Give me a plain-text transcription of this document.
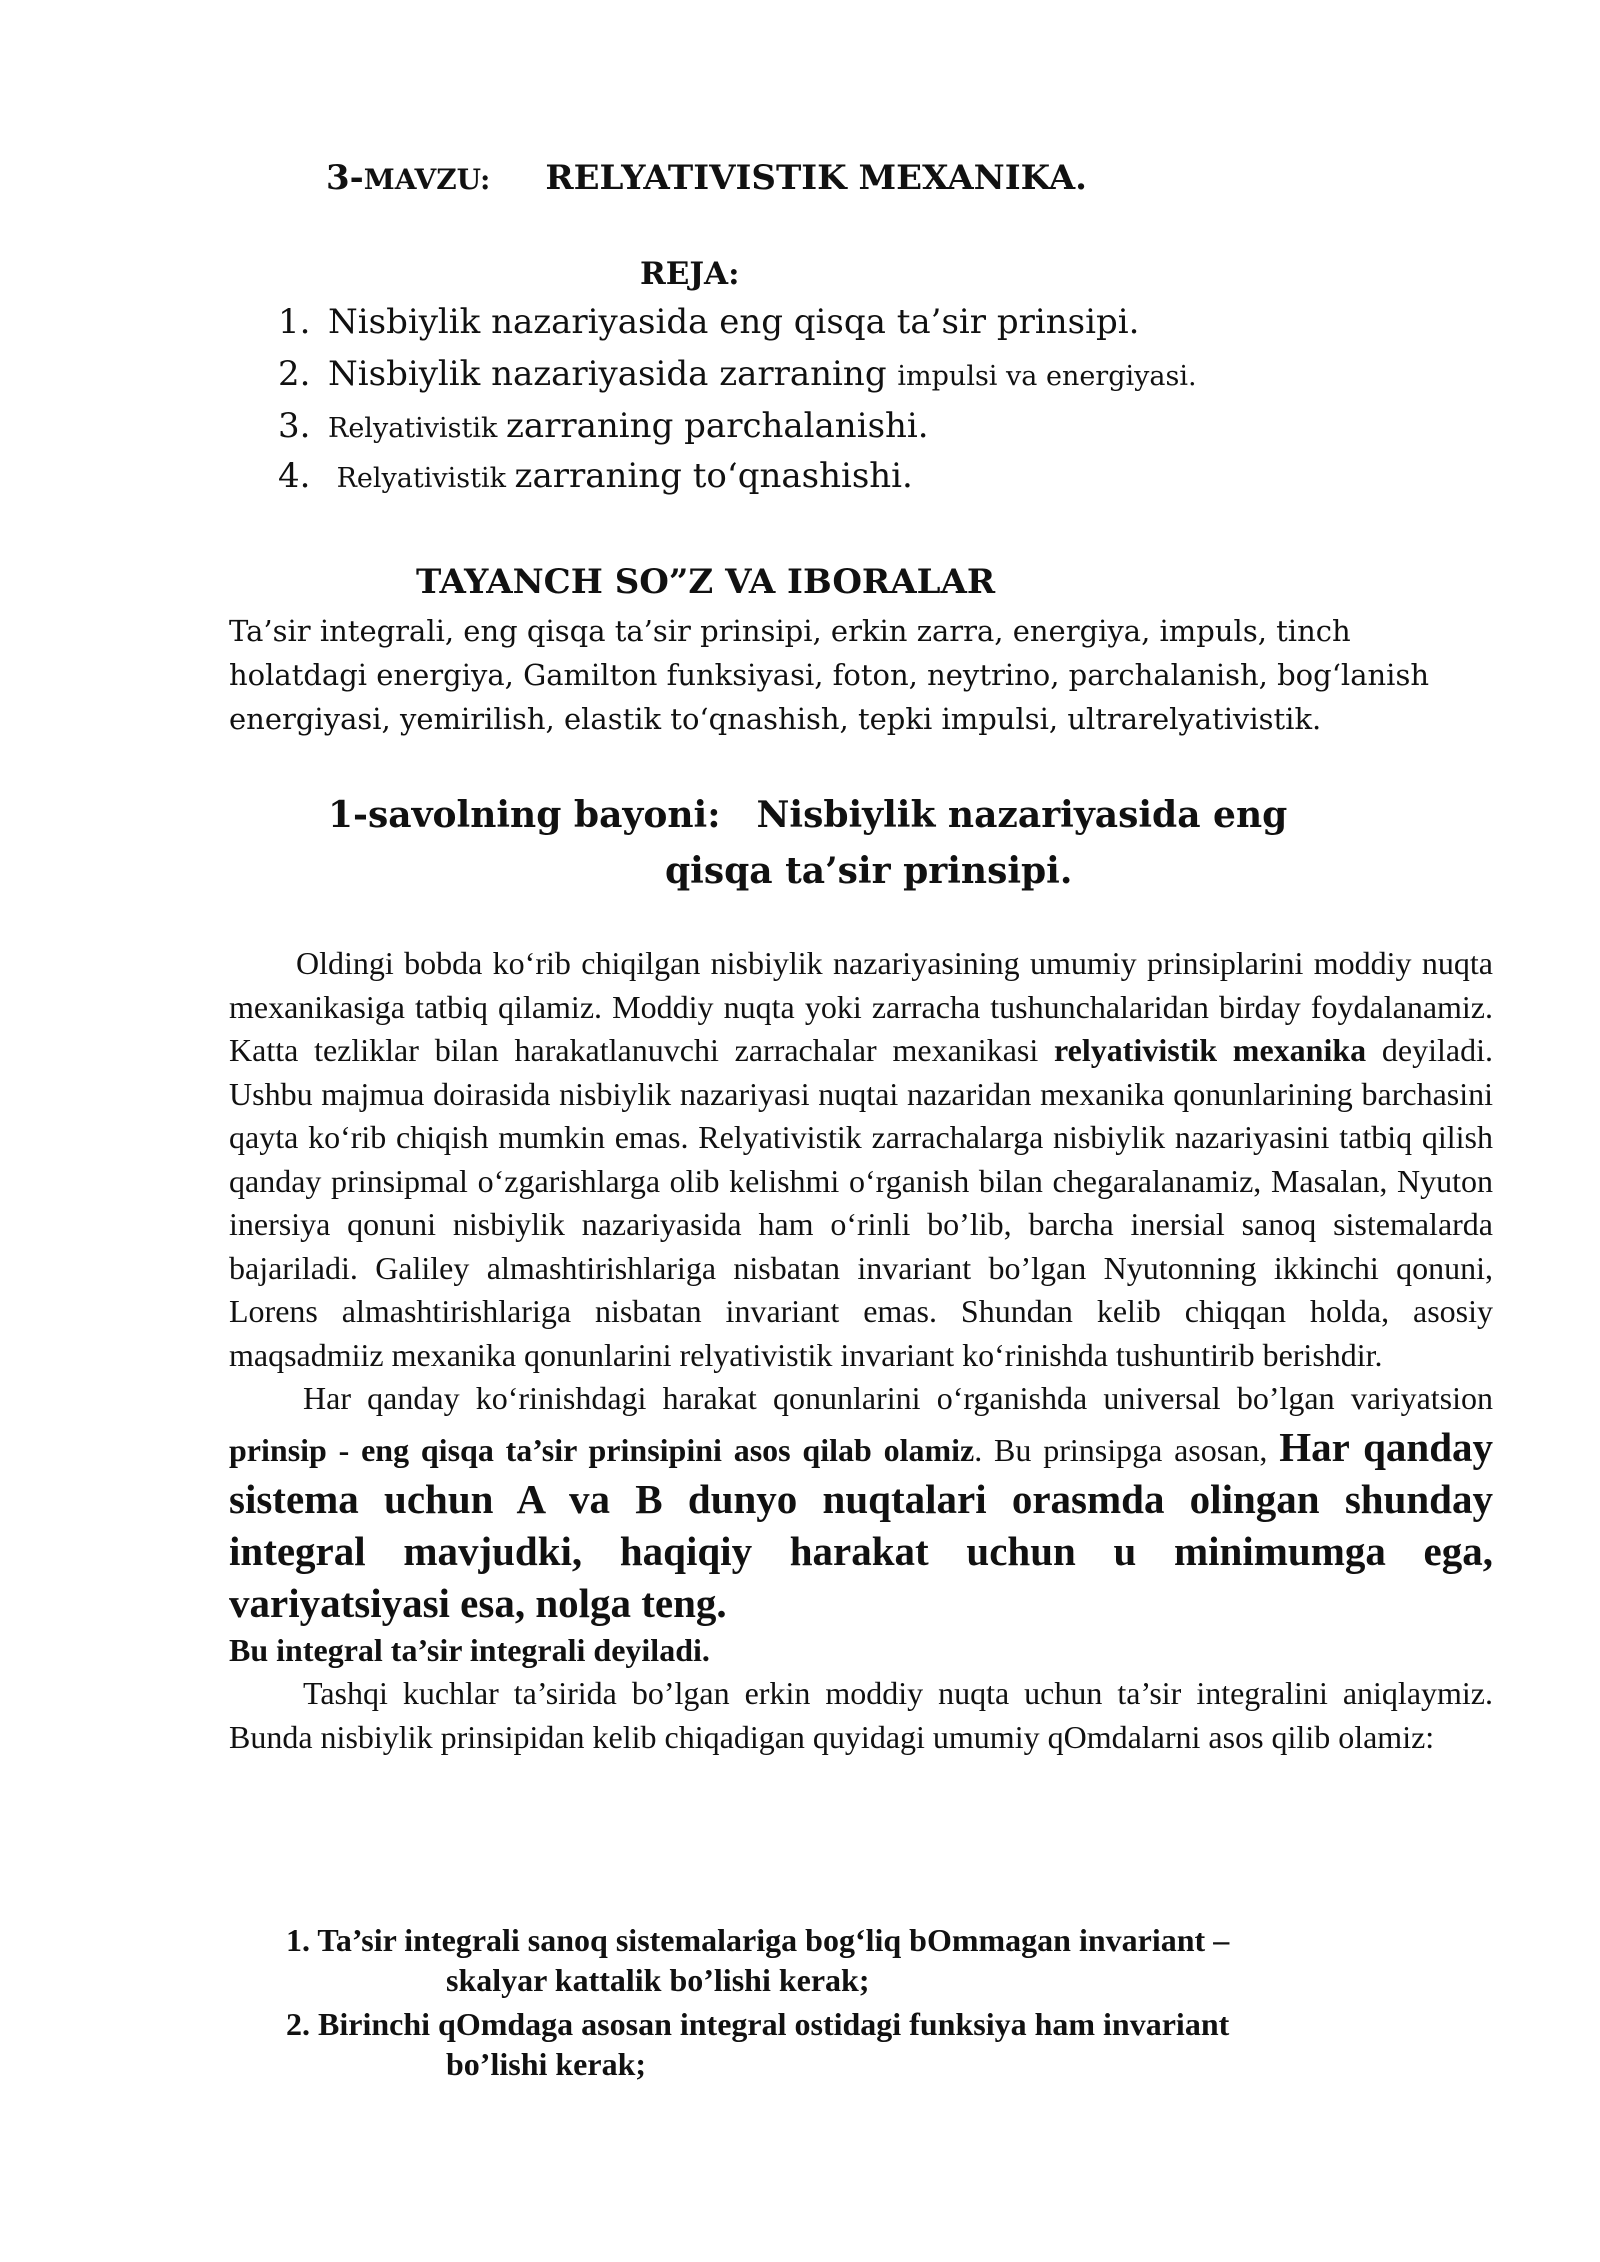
3-MAVZU: RELYATIVISTIK MEXANIKA.
REJA:
1. Nisbiylik nazariyasida eng qisqa ta’sir prinsipi.
2. Nisbiylik nazariyasida zarraning impulsi va energiyasi.
3. Relyativistik zarraning parchalanishi.
4. Relyativistik zarraning to‘qnashishi.
TAYANCH SO”Z VA IBORALAR
Ta’sir integrali, eng qisqa ta’sir prinsipi, erkin zarra, energiya, impuls, tinch
holatdagi energiya, Gamilton funksiyasi, foton, neytrino, parchalanish, bog‘lanish
energiyasi, yemirilish, elastik to‘qnashish, tepki impulsi, ultrarelyativistik.
1-savolning bayoni: Nisbiylik nazariyasida eng
qisqa ta’sir prinsipi.

Oldingi bobda ko‘rib chiqilgan nisbiylik nazariyasining umumiy prinsiplarini moddiy nuqta mexanikasiga tatbiq qilamiz. Moddiy nuqta yoki zarracha tushunchalaridan birday foydalanamiz. Katta tezliklar bilan harakatlanuvchi zarrachalar mexanikasi relyativistik mexanika deyiladi. Ushbu majmua doirasida nisbiylik nazariyasi nuqtai nazaridan mexanika qonunlarining barchasini qayta ko‘rib chiqish mumkin emas. Relyativistik zarrachalarga nisbiylik nazariyasini tatbiq qilish qanday prinsipmal o‘zgarishlarga olib kelishmi o‘rganish bilan chegaralanamiz, Masalan, Nyuton inersiya qonuni nisbiylik nazariyasida ham o‘rinli bo’lib, barcha inersial sanoq sistemalarda bajariladi. Galiley almashtirishlariga nisbatan invariant bo’lgan Nyutonning ikkinchi qonuni, Lorens almashtirishlariga nisbatan invariant emas. Shundan kelib chiqqan holda, asosiy maqsadmiiz mexanika qonunlarini relyativistik invariant ko‘rinishda tushuntirib berishdir.

Har qanday ko‘rinishdagi harakat qonunlarini o‘rganishda universal bo’lgan variyatsion prinsip - eng qisqa ta’sir prinsipini asos qilab olamiz. Bu prinsipga asosan, Har qanday sistema uchun A va B dunyo nuqtalari orasmda olingan shunday integral mavjudki, haqiqiy harakat uchun u minimumga ega, variyatsiyasi esa, nolga teng.

Bu integral ta’sir integrali deyiladi.

Tashqi kuchlar ta’sirida bo’lgan erkin moddiy nuqta uchun ta’sir integralini aniqlaymiz. Bunda nisbiylik prinsipidan kelib chiqadigan quyidagi umumiy qOmdalarni asos qilib olamiz:

1. Ta’sir integrali sanoq sistemalariga bog‘liq bOmmagan invariant –
skalyar kattalik bo’lishi kerak;
2. Birinchi qOmdaga asosan integral ostidagi funksiya ham invariant
bo’lishi kerak;
